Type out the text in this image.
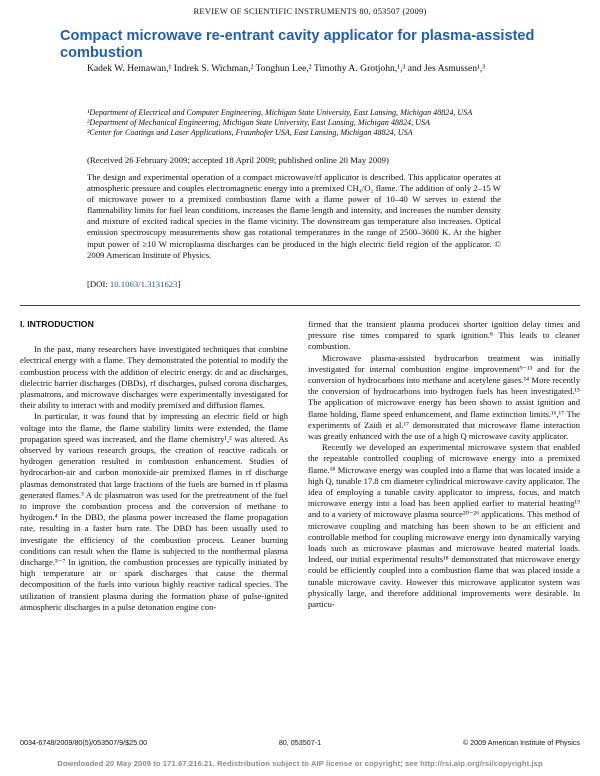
REVIEW OF SCIENTIFIC INSTRUMENTS 80, 053507 (2009)
Compact microwave re-entrant cavity applicator for plasma-assisted combustion
Kadek W. Hemawan,¹ Indrek S. Wichman,² Tonghun Lee,² Timothy A. Grotjohn,¹,³ and Jes Asmussen¹,³
¹Department of Electrical and Computer Engineering, Michigan State University, East Lansing, Michigan 48824, USA
²Department of Mechanical Engineering, Michigan State University, East Lansing, Michigan 48824, USA
³Center for Coatings and Laser Applications, Fraunhofer USA, East Lansing, Michigan 48824, USA
(Received 26 February 2009; accepted 18 April 2009; published online 20 May 2009)
The design and experimental operation of a compact microwave/rf applicator is described. This applicator operates at atmospheric pressure and couples electromagnetic energy into a premixed CH₄/O₂ flame. The addition of only 2–15 W of microwave power to a premixed combustion flame with a flame power of 10–40 W serves to extend the flammability limits for fuel lean conditions, increases the flame length and intensity, and increases the number density and mixture of excited radical species in the flame vicinity. The downstream gas temperature also increases. Optical emission spectroscopy measurements show gas rotational temperatures in the range of 2500–3600 K. At the higher input power of ≥10 W microplasma discharges can be produced in the high electric field region of the applicator. © 2009 American Institute of Physics.
[DOI: 10.1063/1.3131623]
I. INTRODUCTION

In the past, many researchers have investigated techniques that combine electrical energy with a flame. They demonstrated the potential to modify the combustion process with the addition of electric energy. dc and ac discharges, dielectric barrier discharges (DBDs), rf discharges, pulsed corona discharges, plasmatrons, and microwave discharges were experimentally investigated for their ability to interact with and modify premixed and diffusion flames.

In particular, it was found that by impressing an electric field or high voltage into the flame, the flame stability limits were extended, the flame propagation speed was increased, and the flame chemistry¹,² was altered. As observed by various research groups, the creation of reactive radicals or hydrogen generation resulted in combustion enhancement. Studies of hydrocarbon-air and carbon monoxide-air premixed flames in rf discharge plasmas demonstrated that large fractions of the fuels are burned in rf plasma generated flames.³ A dc plasmatron was used for the pretreatment of the fuel to improve the combustion process and the conversion of methane to hydrogen.⁴ In the DBD, the plasma power increased the flame propagation rate, resulting in a faster burn rate. The DBD has been usually used to investigate the efficiency of the combustion process. Leaner burning conditions can result when the flame is subjected to the nonthermal plasma discharge.⁵⁻⁷ In ignition, the combustion processes are typically initiated by high temperature air or spark discharges that cause the thermal decomposition of the fuels into various highly reactive radical species. The utilization of transient plasma during the formation phase of pulse-ignited atmospheric discharges in a pulse detonation engine con-

firmed that the transient plasma produces shorter ignition delay times and pressure rise times compared to spark ignition.⁸ This leads to cleaner combustion.

Microwave plasma-assisted hydrocarbon treatment was initially investigated for internal combustion engine improvement⁹⁻¹³ and for the conversion of hydrocarbons into methane and acetylene gases.¹⁴ More recently the conversion of hydrocarbons into hydrogen fuels has been investigated.¹⁵ The application of microwave energy has been shown to assist ignition and flame holding, flame speed enhancement, and flame extinction limits.¹⁶,¹⁷ The experiments of Zaidi et al.¹⁷ demonstrated that microwave flame interaction was greatly enhanced with the use of a high Q microwave cavity applicator.

Recently we developed an experimental microwave system that enabled the repeatable controlled coupling of microwave energy into a premixed flame.¹⁸ Microwave energy was coupled into a flame that was located inside a high Q, tunable 17.8 cm diameter cylindrical microwave cavity applicator. The idea of employing a tunable cavity applicator to impress, focus, and match microwave energy into a load has been applied earlier to material heating¹⁹ and to a variety of microwave plasma source²⁰⁻²⁶ applications. This method of microwave coupling and matching has been shown to be an efficient and controllable method for coupling microwave energy into dynamically varying loads such as microwave plasmas and microwave heated material loads. Indeed, our initial experimental results¹⁸ demonstrated that microwave energy could be efficiently coupled into a combustion flame that was placed inside a tunable microwave cavity. However this microwave applicator system was physically large, and therefore additional improvements were desirable. In particu-

0034-6748/2009/80(5)/053507/9/$25.00	80, 053507-1	© 2009 American Institute of Physics
Downloaded 20 May 2009 to 171.67.216.21. Redistribution subject to AIP license or copyright; see http://rsi.aip.org/rsi/copyright.jsp
